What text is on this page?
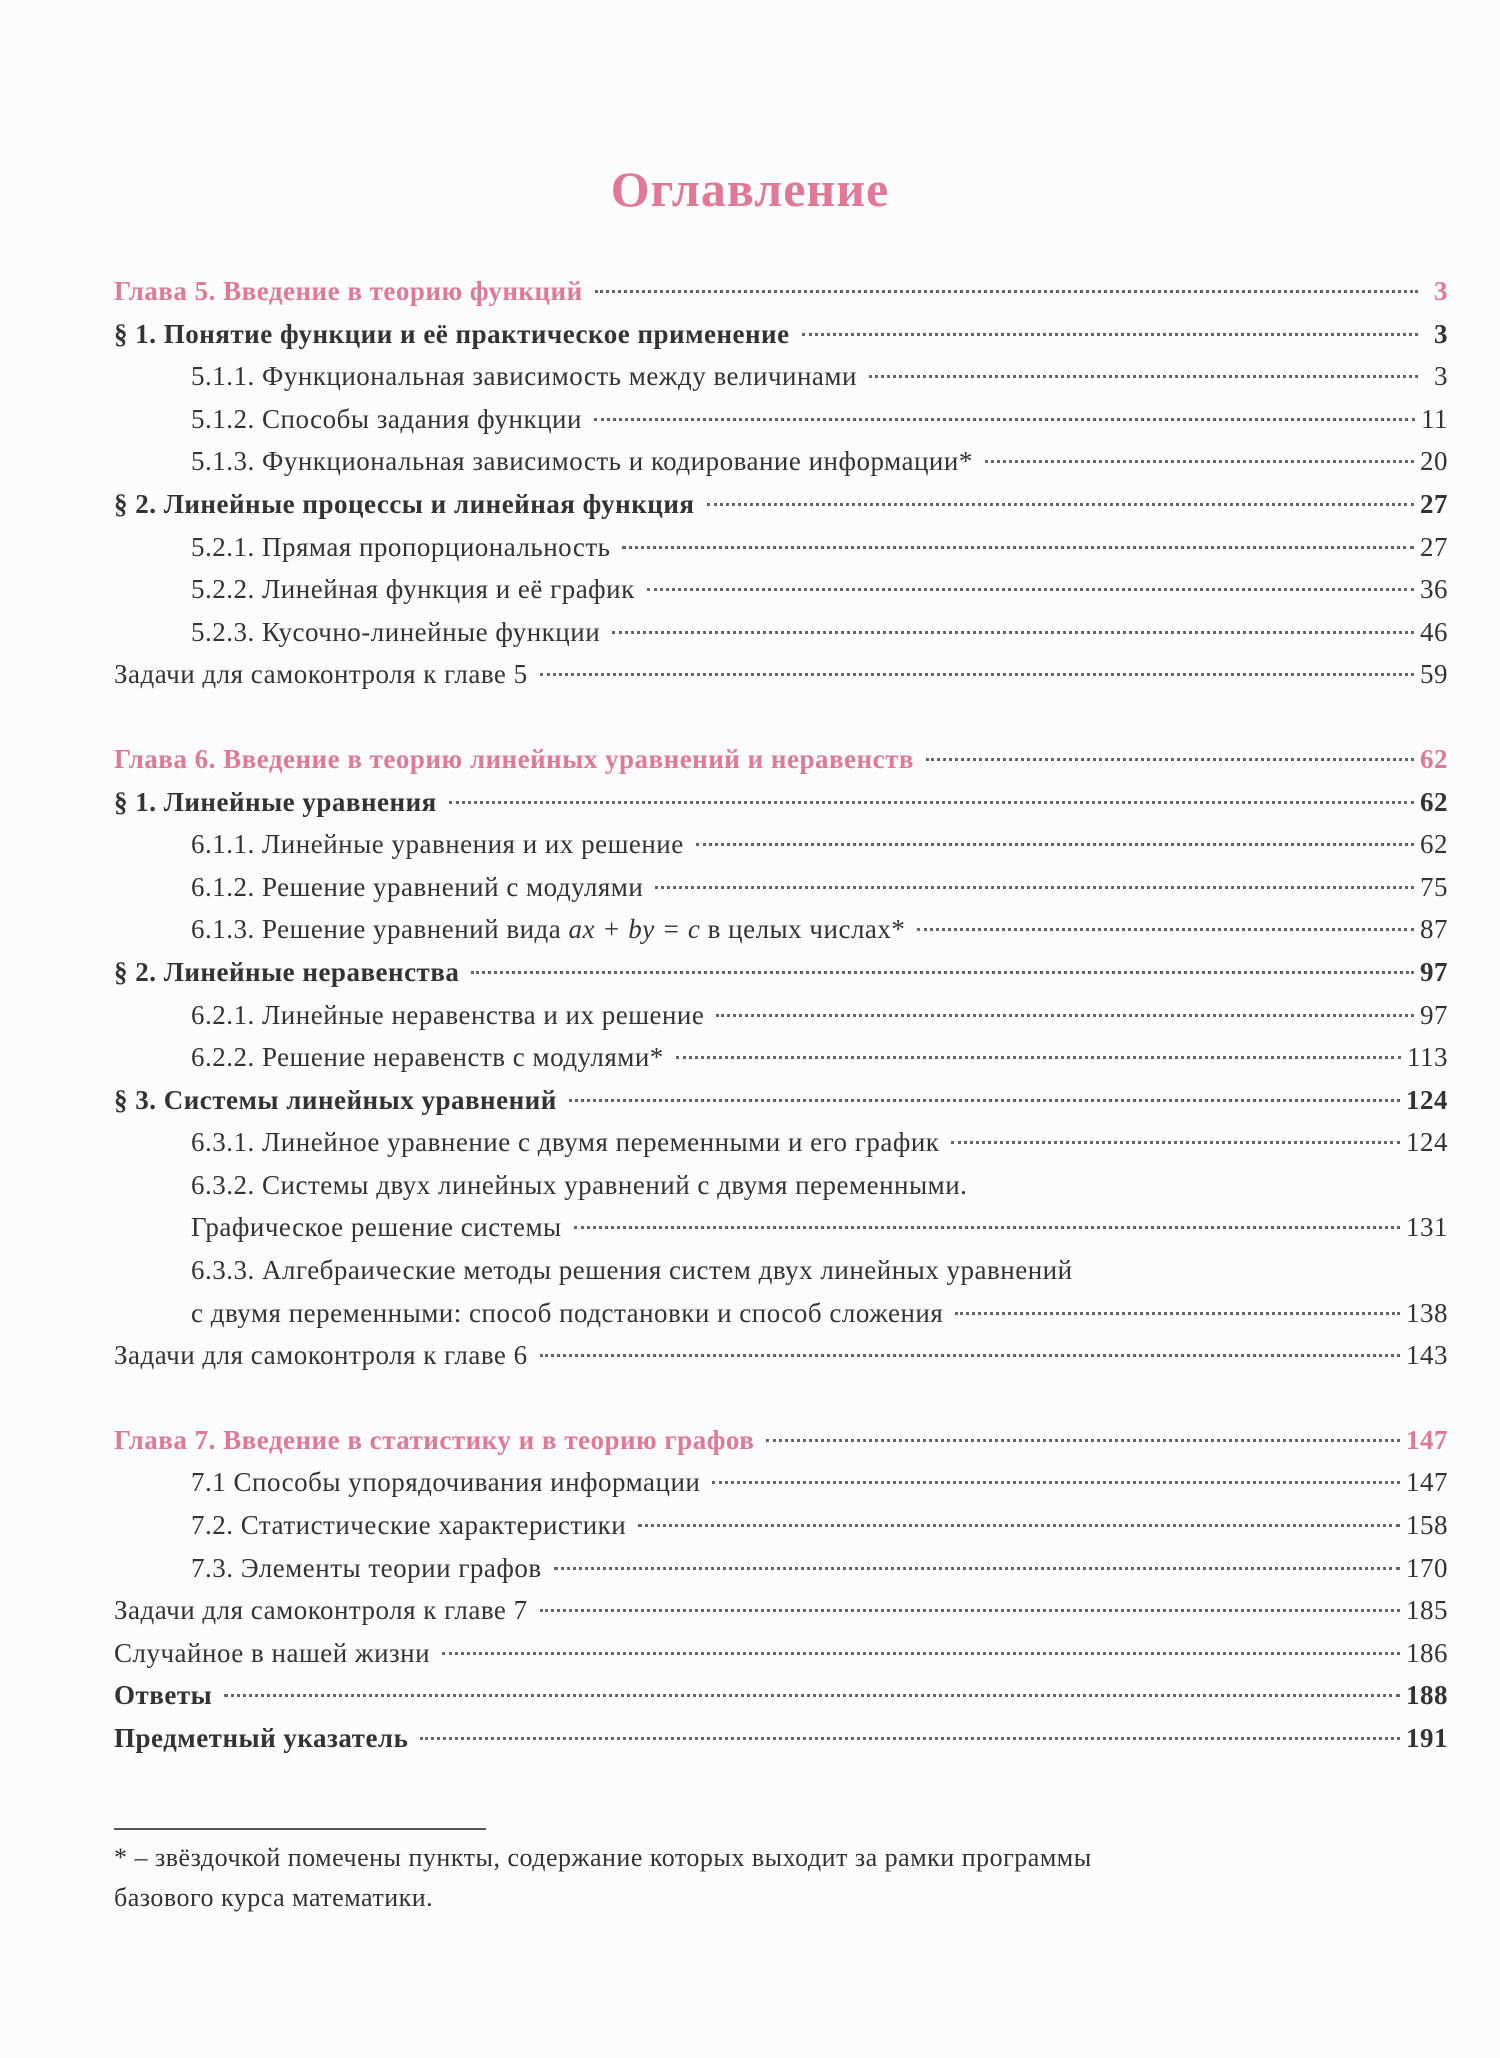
Оглавление
Глава 5. Введение в теорию функций	3
§ 1. Понятие функции и её практическое применение	3
5.1.1. Функциональная зависимость между величинами	3
5.1.2. Способы задания функции	11
5.1.3. Функциональная зависимость и кодирование информации*	20
§ 2. Линейные процессы и линейная функция	27
5.2.1. Прямая пропорциональность	27
5.2.2. Линейная функция и её график	36
5.2.3. Кусочно-линейные функции	46
Задачи для самоконтроля к главе 5	59
Глава 6. Введение в теорию линейных уравнений и неравенств	62
§ 1. Линейные уравнения	62
6.1.1. Линейные уравнения и их решение	62
6.1.2. Решение уравнений с модулями	75
6.1.3. Решение уравнений вида ax + by = c в целых числах*	87
§ 2. Линейные неравенства	97
6.2.1. Линейные неравенства и их решение	97
6.2.2. Решение неравенств с модулями*	113
§ 3. Системы линейных уравнений	124
6.3.1. Линейное уравнение с двумя переменными и его график	124
6.3.2. Системы двух линейных уравнений с двумя переменными.
Графическое решение системы	131
6.3.3. Алгебраические методы решения систем двух линейных уравнений
с двумя переменными: способ подстановки и способ сложения	138
Задачи для самоконтроля к главе 6	143
Глава 7. Введение в статистику и в теорию графов	147
7.1 Способы упорядочивания информации	147
7.2. Статистические характеристики	158
7.3. Элементы теории графов	170
Задачи для самоконтроля к главе 7	185
Случайное в нашей жизни	186
Ответы	188
Предметный указатель	191
* – звёздочкой помечены пункты, содержание которых выходит за рамки программы
базового курса математики.
